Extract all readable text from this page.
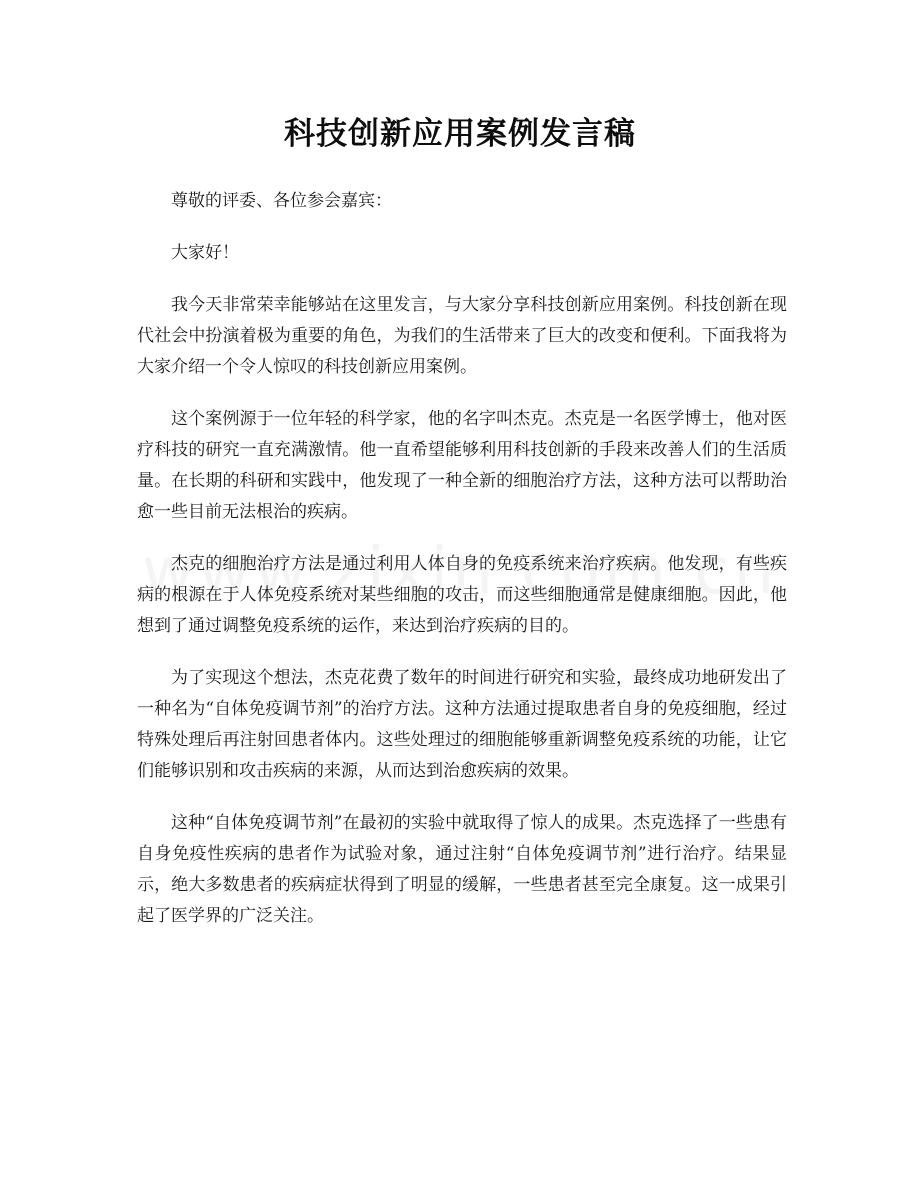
科技创新应用案例发言稿

尊敬的评委、各位参会嘉宾：

大家好！

我今天非常荣幸能够站在这里发言，与大家分享科技创新应用案例。科技创新在现代社会中扮演着极为重要的角色，为我们的生活带来了巨大的改变和便利。下面我将为大家介绍一个令人惊叹的科技创新应用案例。

这个案例源于一位年轻的科学家，他的名字叫杰克。杰克是一名医学博士，他对医疗科技的研究一直充满激情。他一直希望能够利用科技创新的手段来改善人们的生活质量。在长期的科研和实践中，他发现了一种全新的细胞治疗方法，这种方法可以帮助治愈一些目前无法根治的疾病。

杰克的细胞治疗方法是通过利用人体自身的免疫系统来治疗疾病。他发现，有些疾病的根源在于人体免疫系统对某些细胞的攻击，而这些细胞通常是健康细胞。因此，他想到了通过调整免疫系统的运作，来达到治疗疾病的目的。

为了实现这个想法，杰克花费了数年的时间进行研究和实验，最终成功地研发出了一种名为“自体免疫调节剂”的治疗方法。这种方法通过提取患者自身的免疫细胞，经过特殊处理后再注射回患者体内。这些处理过的细胞能够重新调整免疫系统的功能，让它们能够识别和攻击疾病的来源，从而达到治愈疾病的效果。

这种“自体免疫调节剂”在最初的实验中就取得了惊人的成果。杰克选择了一些患有自身免疫性疾病的患者作为试验对象，通过注射“自体免疫调节剂”进行治疗。结果显示，绝大多数患者的疾病症状得到了明显的缓解，一些患者甚至完全康复。这一成果引起了医学界的广泛关注。
